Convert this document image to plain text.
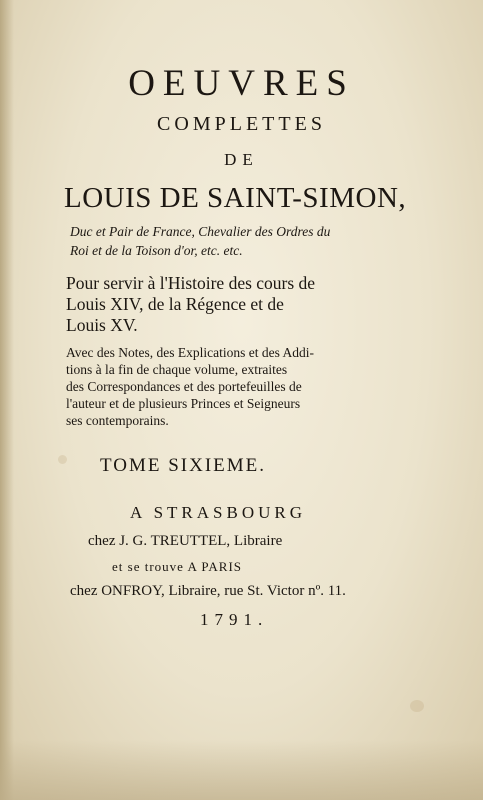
OEUVRES
COMPLETTES
DE
LOUIS DE SAINT-SIMON,
Duc et Pair de France, Chevalier des Ordres du
Roi et de la Toison d'or, etc. etc.
Pour servir à l'Histoire des cours de
Louis XIV, de la Régence et de
Louis XV.
Avec des Notes, des Explications et des Addi-
tions à la fin de chaque volume, extraites
des Correspondances et des portefeuilles de
l'auteur et de plusieurs Princes et Seigneurs
ses contemporains.
TOME SIXIEME.
A STRASBOURG
chez J. G. TREUTTEL, Libraire
et se trouve A PARIS
chez ONFROY, Libraire, rue St. Victor nº. 11.
1791.
